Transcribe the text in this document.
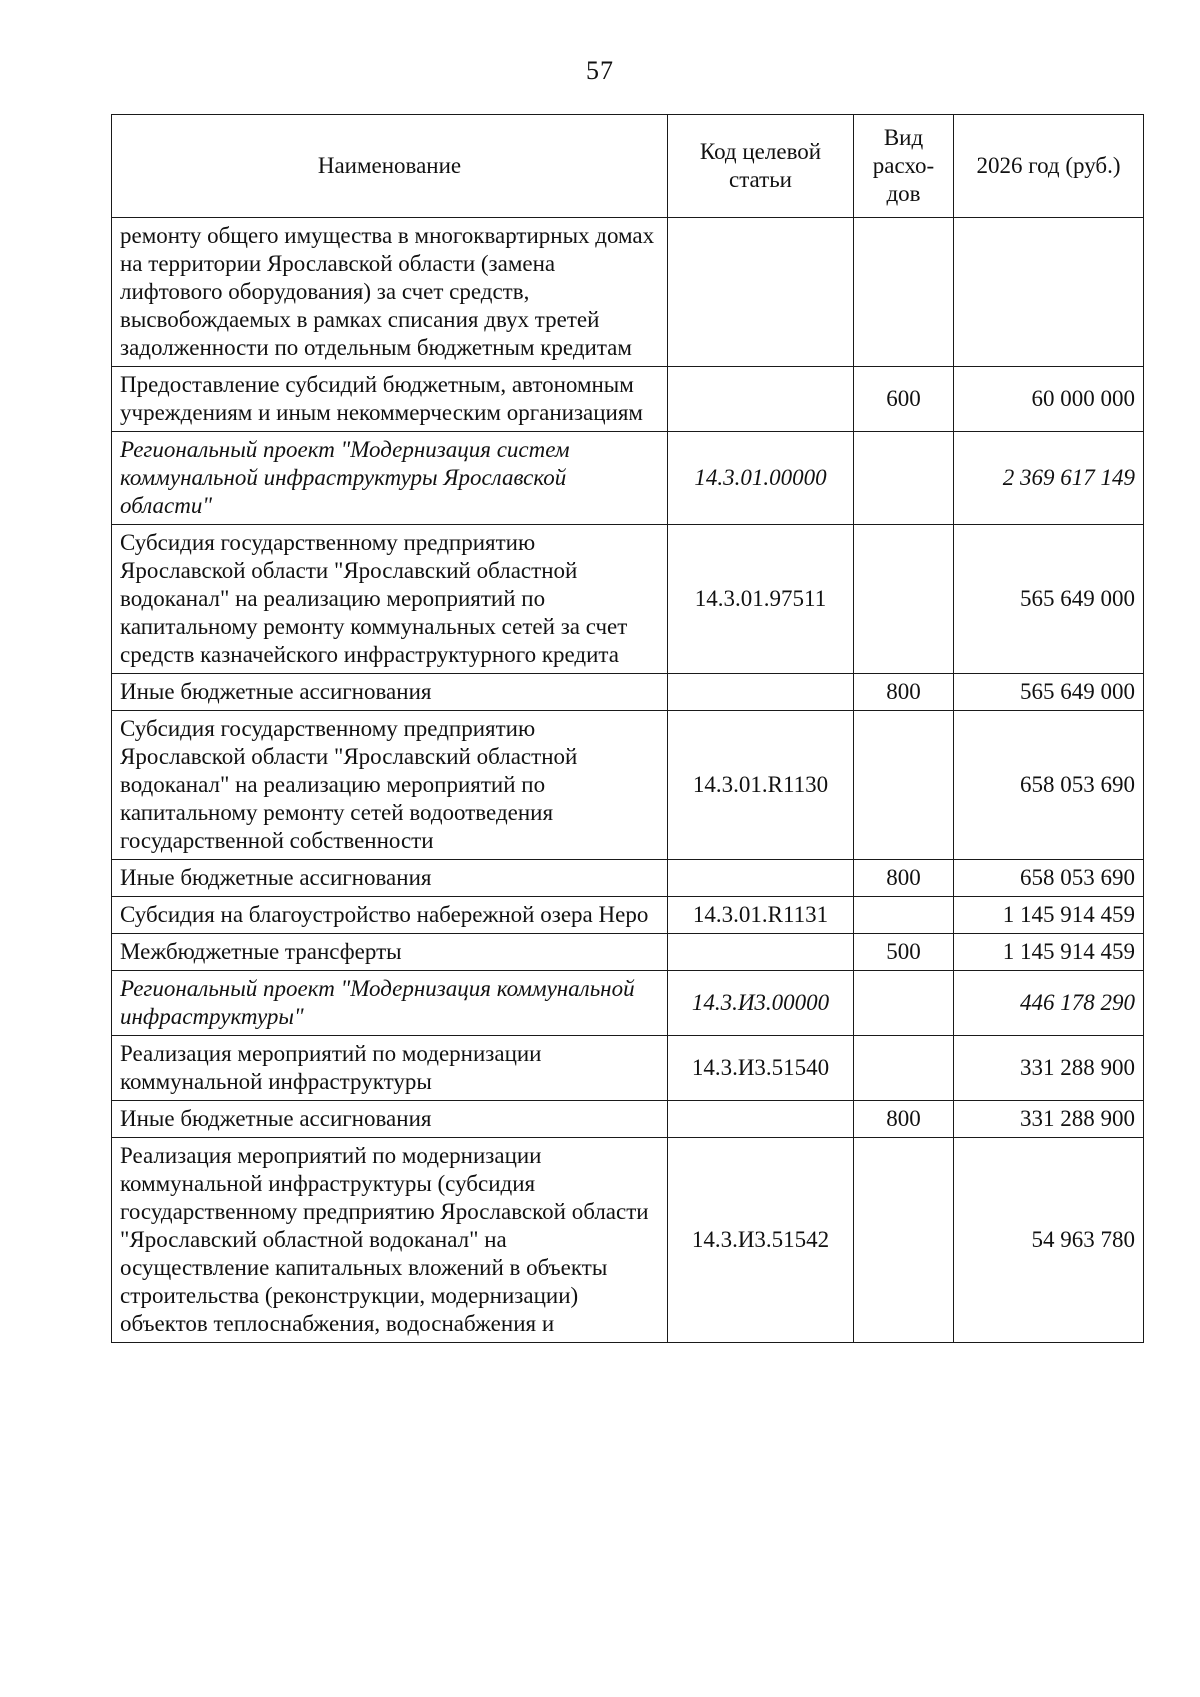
57
Наименование	Код целевой статьи	Вид расхо-дов	2026 год (руб.)
ремонту общего имущества в многоквартирных домах на территории Ярославской области (замена лифтового оборудования) за счет средств, высвобождаемых в рамках списания двух третей задолженности по отдельным бюджетным кредитам			
Предоставление субсидий бюджетным, автономным учреждениям и иным некоммерческим организациям		600	60 000 000
Региональный проект "Модернизация систем коммунальной инфраструктуры Ярославской области"	14.3.01.00000		2 369 617 149
Субсидия государственному предприятию Ярославской области "Ярославский областной водоканал" на реализацию мероприятий по капитальному ремонту коммунальных сетей за счет средств казначейского инфраструктурного кредита	14.3.01.97511		565 649 000
Иные бюджетные ассигнования		800	565 649 000
Субсидия государственному предприятию Ярославской области "Ярославский областной водоканал" на реализацию мероприятий по капитальному ремонту сетей водоотведения государственной собственности	14.3.01.R1130		658 053 690
Иные бюджетные ассигнования		800	658 053 690
Субсидия на благоустройство набережной озера Неро	14.3.01.R1131		1 145 914 459
Межбюджетные трансферты		500	1 145 914 459
Региональный проект "Модернизация коммунальной инфраструктуры"	14.3.И3.00000		446 178 290
Реализация мероприятий по модернизации коммунальной инфраструктуры	14.3.И3.51540		331 288 900
Иные бюджетные ассигнования		800	331 288 900
Реализация мероприятий по модернизации коммунальной инфраструктуры (субсидия государственному предприятию Ярославской области "Ярославский областной водоканал" на осуществление капитальных вложений в объекты строительства (реконструкции, модернизации) объектов теплоснабжения, водоснабжения и	14.3.И3.51542		54 963 780
